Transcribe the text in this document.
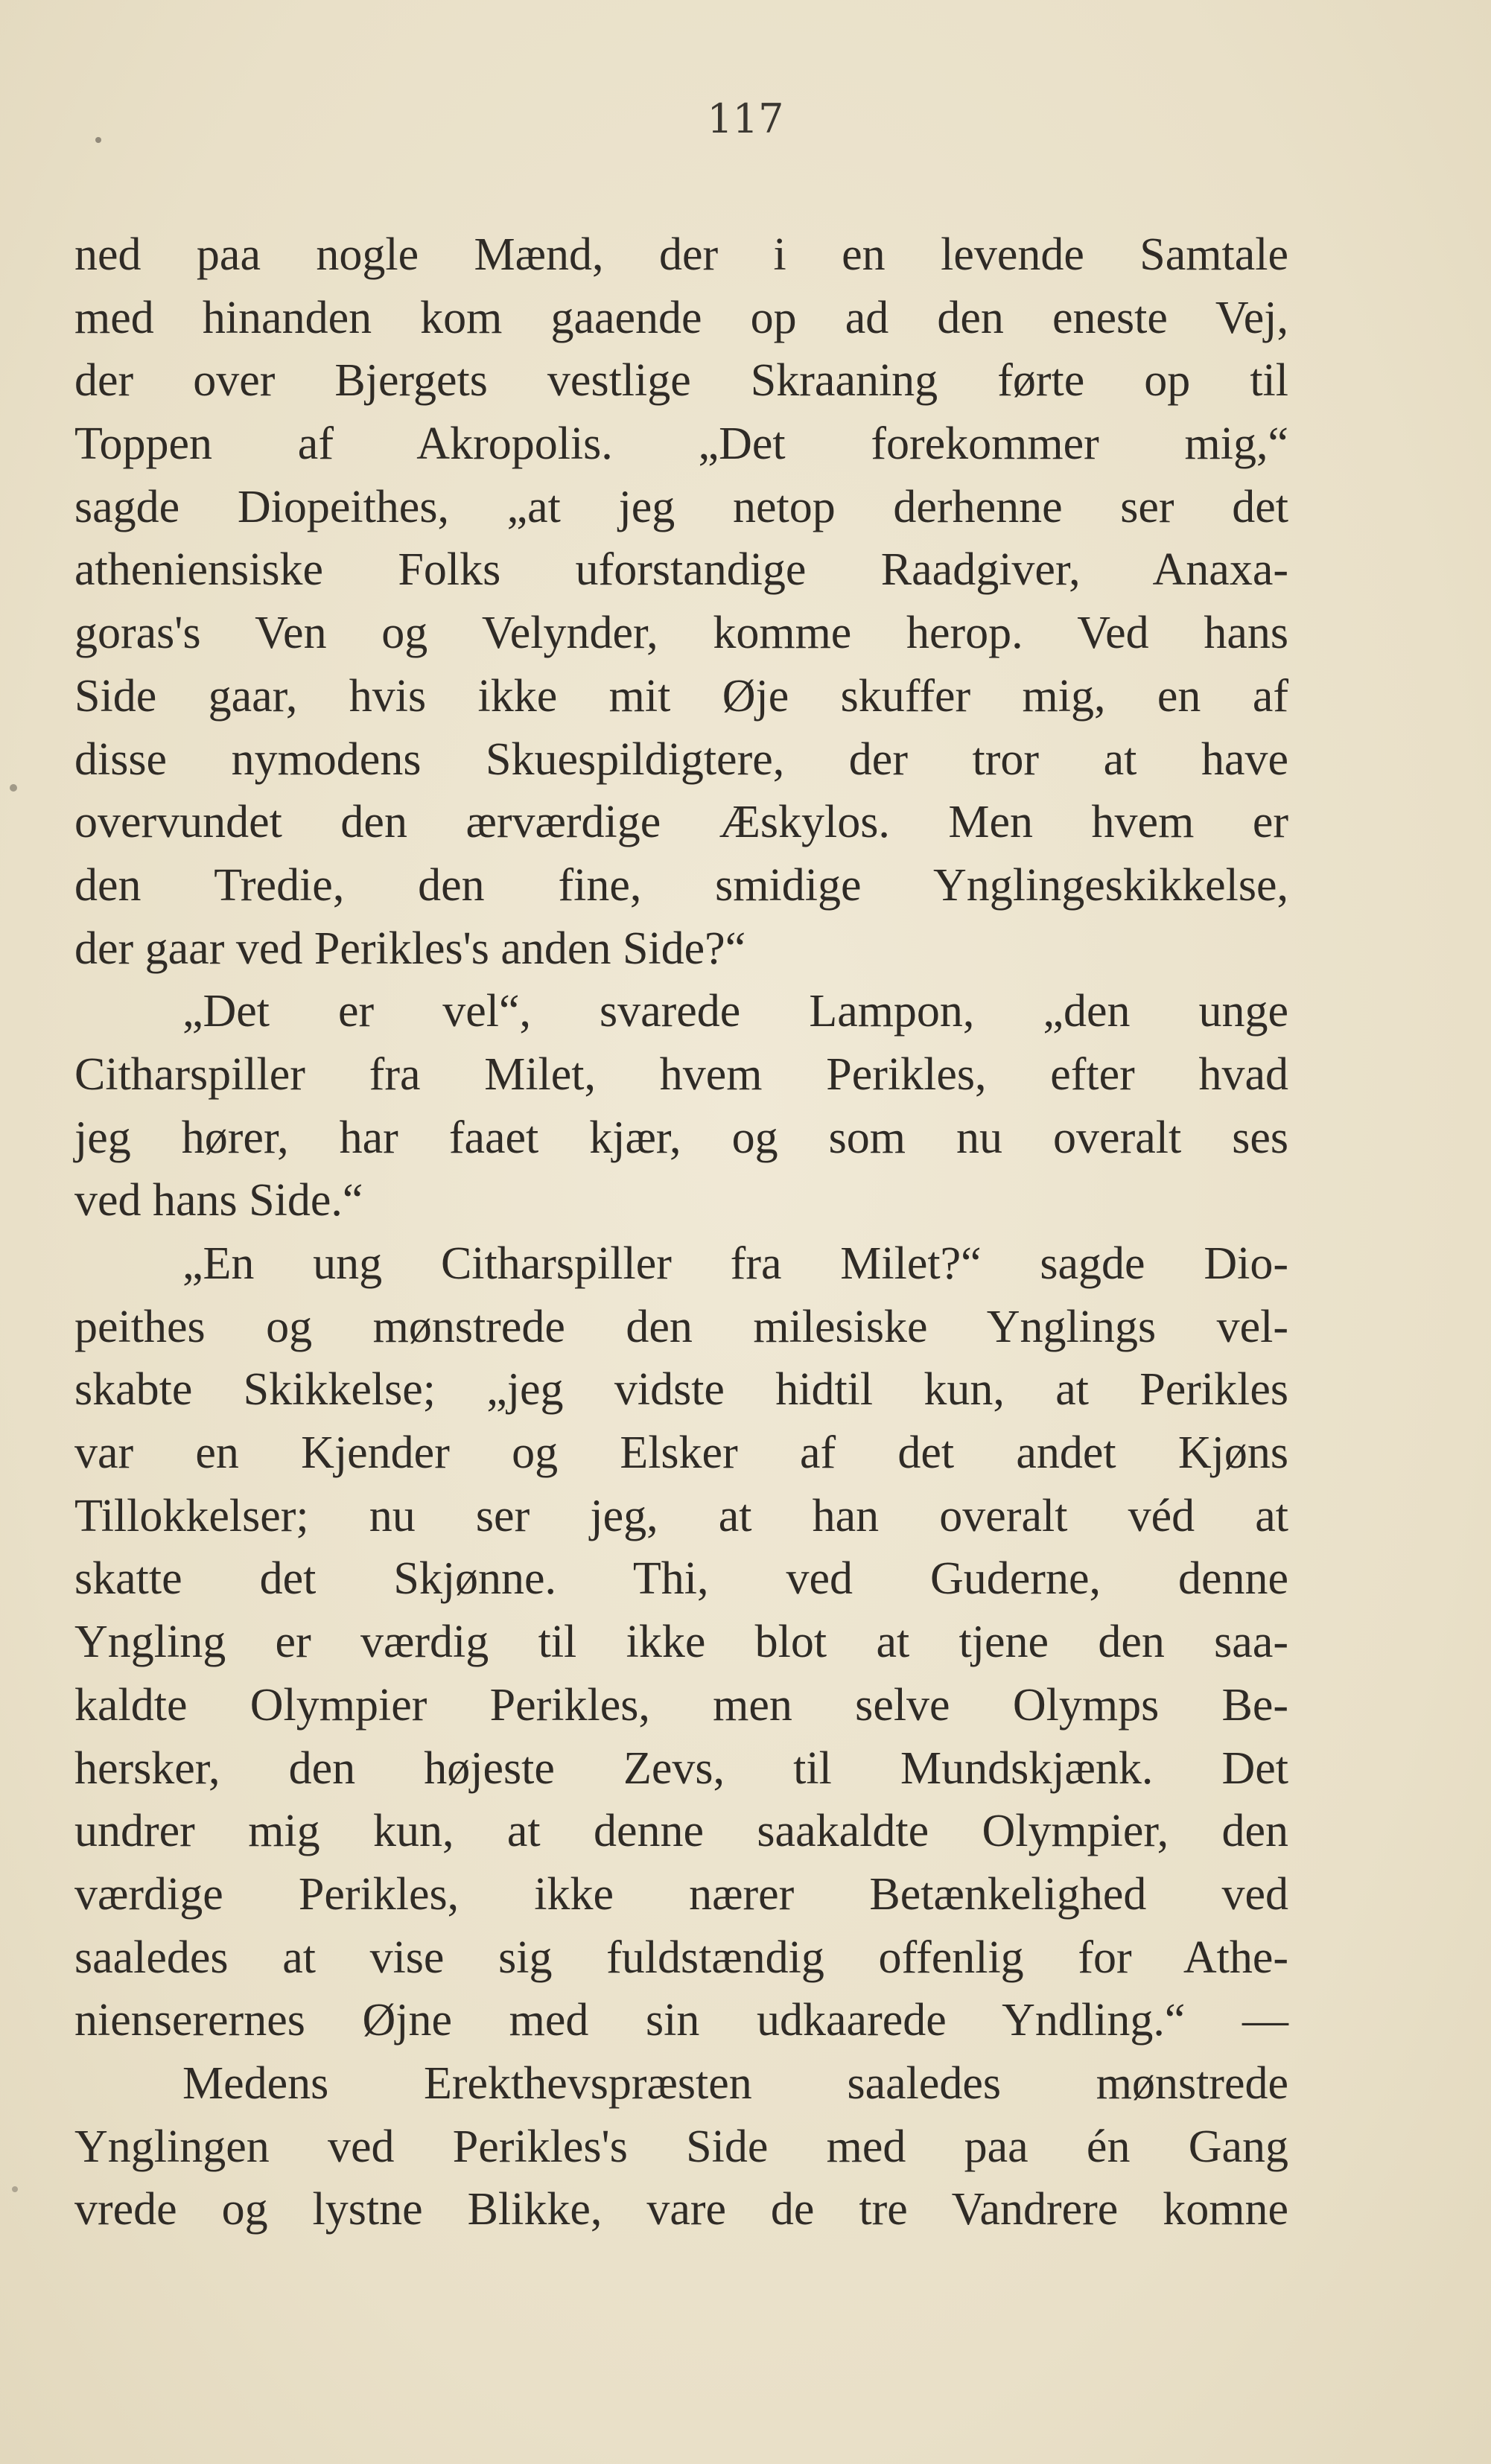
117
ned paa nogle Mænd, der i en levende Samtale
med hinanden kom gaaende op ad den eneste Vej,
der over Bjergets vestlige Skraaning førte op til
Toppen af Akropolis. „Det forekommer mig,“
sagde Diopeithes, „at jeg netop derhenne ser det
atheniensiske Folks uforstandige Raadgiver, Anaxa-
goras's Ven og Velynder, komme herop. Ved hans
Side gaar, hvis ikke mit Øje skuffer mig, en af
disse nymodens Skuespildigtere, der tror at have
overvundet den ærværdige Æskylos. Men hvem er
den Tredie, den fine, smidige Ynglingeskikkelse,
der gaar ved Perikles's anden Side?“
„Det er vel“, svarede Lampon, „den unge
Citharspiller fra Milet, hvem Perikles, efter hvad
jeg hører, har faaet kjær, og som nu overalt ses
ved hans Side.“
„En ung Citharspiller fra Milet?“ sagde Dio-
peithes og mønstrede den milesiske Ynglings vel-
skabte Skikkelse; „jeg vidste hidtil kun, at Perikles
var en Kjender og Elsker af det andet Kjøns
Tillokkelser; nu ser jeg, at han overalt véd at
skatte det Skjønne. Thi, ved Guderne, denne
Yngling er værdig til ikke blot at tjene den saa-
kaldte Olympier Perikles, men selve Olymps Be-
hersker, den højeste Zevs, til Mundskjænk. Det
undrer mig kun, at denne saakaldte Olympier, den
værdige Perikles, ikke nærer Betænkelighed ved
saaledes at vise sig fuldstændig offenlig for Athe-
nienserernes Øjne med sin udkaarede Yndling.“ —
Medens Erekthevspræsten saaledes mønstrede
Ynglingen ved Perikles's Side med paa én Gang
vrede og lystne Blikke, vare de tre Vandrere komne
